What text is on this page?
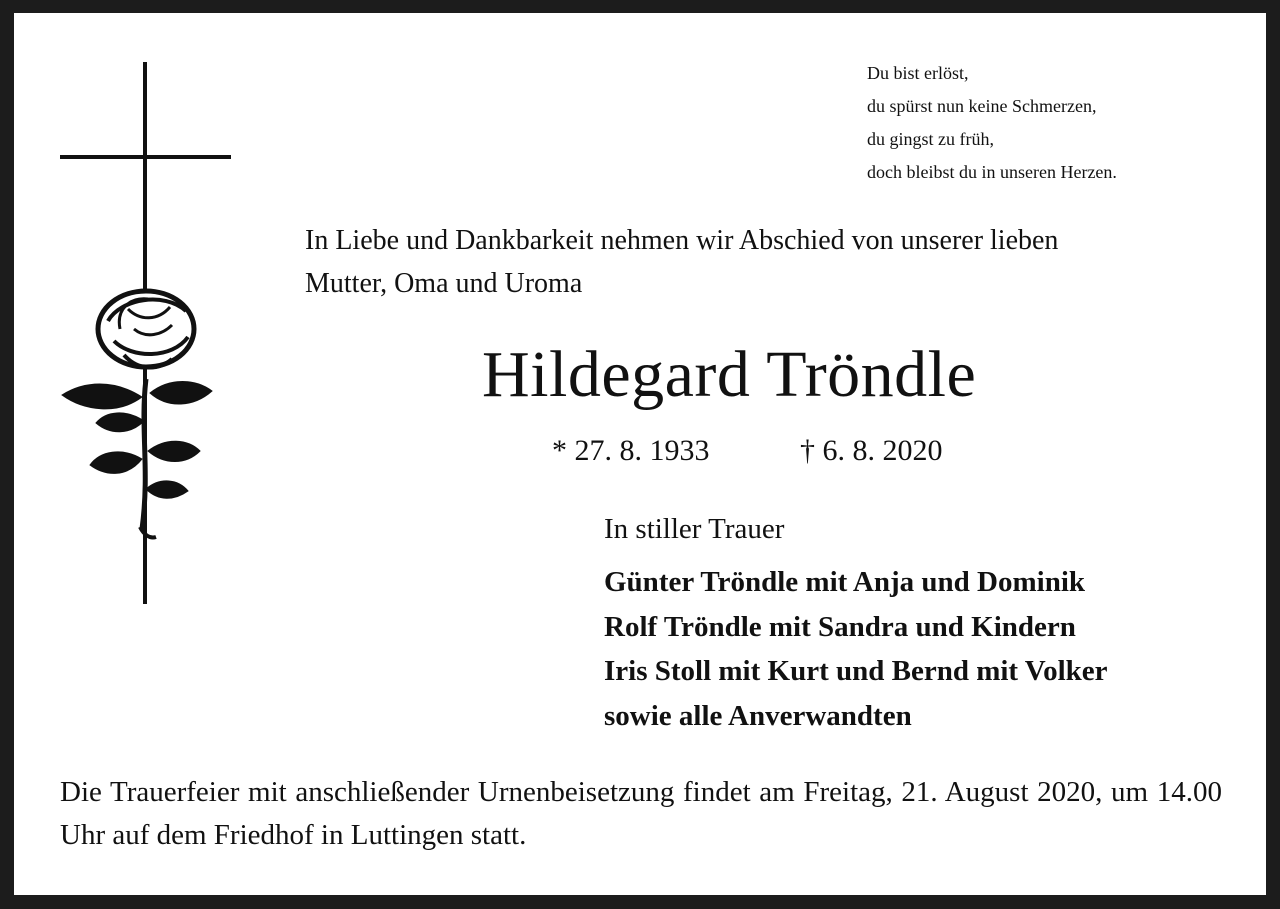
Du bist erlöst,
du spürst nun keine Schmerzen,
du gingst zu früh,
doch bleibst du in unseren Herzen.
In Liebe und Dankbarkeit nehmen wir Abschied von unserer lieben
Mutter, Oma und Uroma
Hildegard Tröndle
* 27. 8. 1933	† 6. 8. 2020
In stiller Trauer
Günter Tröndle mit Anja und Dominik
Rolf Tröndle mit Sandra und Kindern
Iris Stoll mit Kurt und Bernd mit Volker
sowie alle Anverwandten
Die Trauerfeier mit anschließender Urnenbeisetzung findet am Freitag, 21. August 2020, um 14.00 Uhr auf dem Friedhof in Luttingen statt.
